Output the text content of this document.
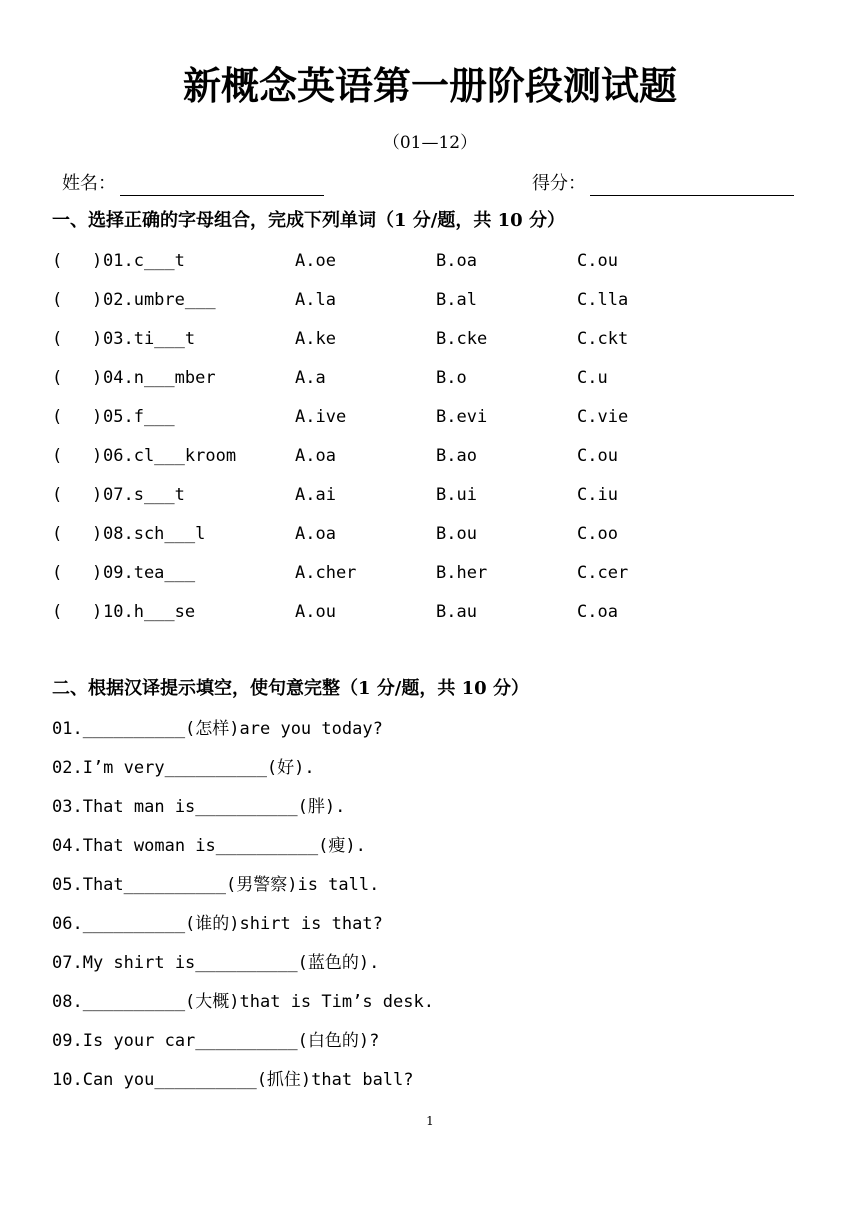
新概念英语第一册阶段测试题
（01—12）
姓名：	得分：
一、选择正确的字母组合，完成下列单词（1 分/题，共 10 分）
( ) 01.c___t	A.oe	B.oa	C.ou
( ) 02.umbre___	A.la	B.al	C.lla
( ) 03.ti___t	A.ke	B.cke	C.ckt
( ) 04.n___mber	A.a	B.o	C.u
( ) 05.f___	A.ive	B.evi	C.vie
( ) 06.cl___kroom	A.oa	B.ao	C.ou
( ) 07.s___t	A.ai	B.ui	C.iu
( ) 08.sch___l	A.oa	B.ou	C.oo
( ) 09.tea___	A.cher	B.her	C.cer
( ) 10.h___se	A.ou	B.au	C.oa
二、根据汉译提示填空，使句意完整（1 分/题，共 10 分）
01.__________(怎样)are you today?
02.I’m very__________(好).
03.That man is__________(胖).
04.That woman is__________(瘦).
05.That__________(男警察)is tall.
06.__________(谁的)shirt is that?
07.My shirt is__________(蓝色的).
08.__________(大概)that is Tim’s desk.
09.Is your car__________(白色的)?
10.Can you__________(抓住)that ball?
1
